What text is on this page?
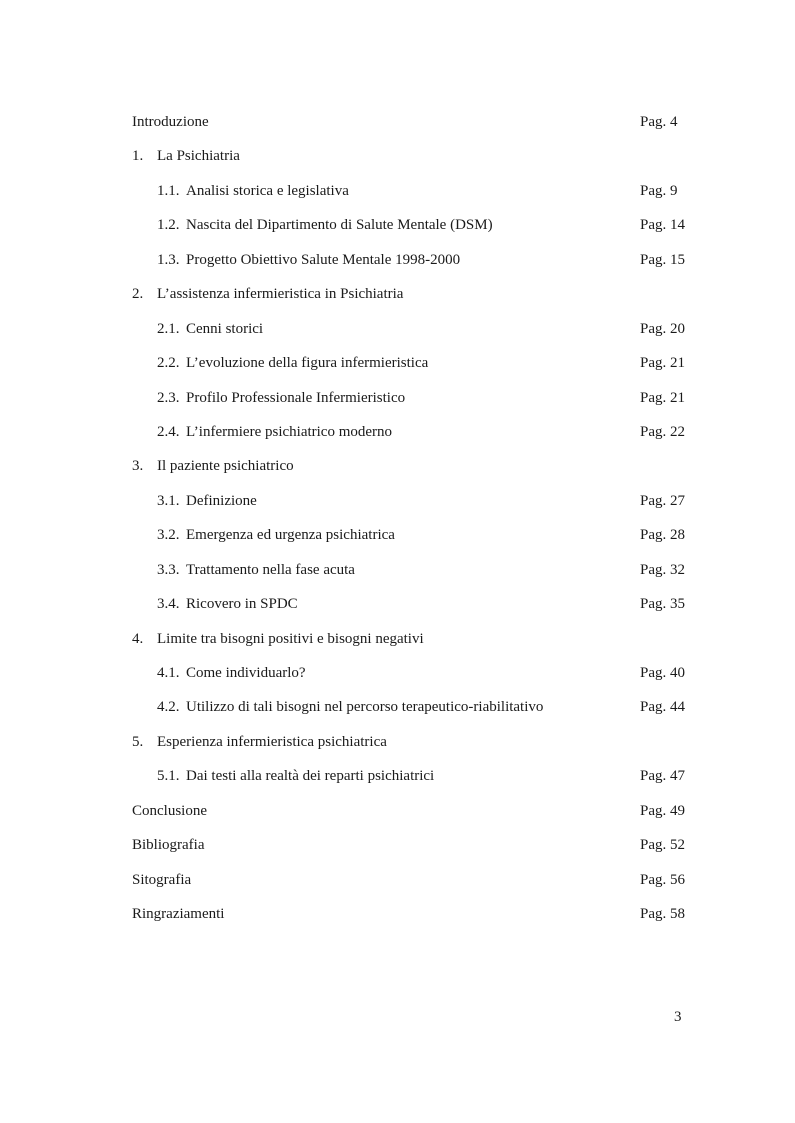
Introduzione	Pag. 4
1. La Psichiatria
1.1. Analisi storica e legislativa	Pag. 9
1.2. Nascita del Dipartimento di Salute Mentale (DSM)	Pag. 14
1.3. Progetto Obiettivo Salute Mentale 1998-2000	Pag. 15
2. L’assistenza infermieristica in Psichiatria
2.1. Cenni storici	Pag. 20
2.2. L’evoluzione della figura infermieristica	Pag. 21
2.3. Profilo Professionale Infermieristico	Pag. 21
2.4. L’infermiere psichiatrico moderno	Pag. 22
3. Il paziente psichiatrico
3.1. Definizione	Pag. 27
3.2. Emergenza ed urgenza psichiatrica	Pag. 28
3.3. Trattamento nella fase acuta	Pag. 32
3.4. Ricovero in SPDC	Pag. 35
4. Limite tra bisogni positivi e bisogni negativi
4.1. Come individuarlo?	Pag. 40
4.2. Utilizzo di tali bisogni nel percorso terapeutico-riabilitativo	Pag. 44
5. Esperienza infermieristica psichiatrica
5.1. Dai testi alla realtà dei reparti psichiatrici	Pag. 47
Conclusione	Pag. 49
Bibliografia	Pag. 52
Sitografia	Pag. 56
Ringraziamenti	Pag. 58
3
